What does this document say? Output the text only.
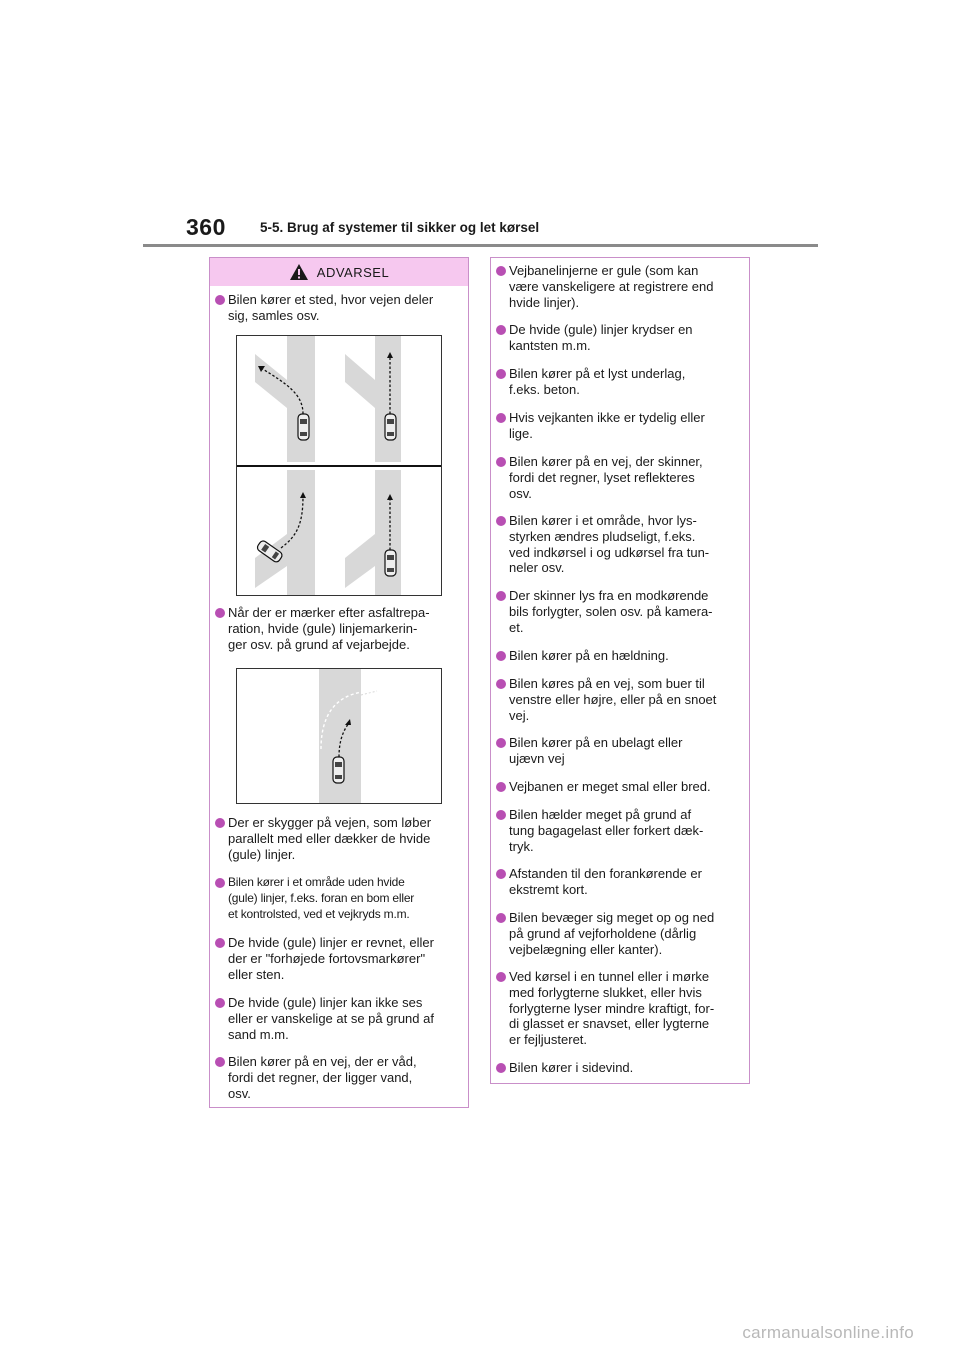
360	5-5. Brug af systemer til sikker og let kørsel
ADVARSEL
Bilen kører et sted, hvor vejen deler
sig, samles osv.
Når der er mærker efter asfaltrepa-
ration, hvide (gule) linjemarkerin-
ger osv. på grund af vejarbejde.
Der er skygger på vejen, som løber
parallelt med eller dækker de hvide
(gule) linjer.
Bilen kører i et område uden hvide
(gule) linjer, f.eks. foran en bom eller
et kontrolsted, ved et vejkryds m.m.
De hvide (gule) linjer er revnet, eller
der er "forhøjede fortovsmarkører"
eller sten.
De hvide (gule) linjer kan ikke ses
eller er vanskelige at se på grund af
sand m.m.
Bilen kører på en vej, der er våd,
fordi det regner, der ligger vand,
osv.
Vejbanelinjerne er gule (som kan
være vanskeligere at registrere end
hvide linjer).
De hvide (gule) linjer krydser en
kantsten m.m.
Bilen kører på et lyst underlag,
f.eks. beton.
Hvis vejkanten ikke er tydelig eller
lige.
Bilen kører på en vej, der skinner,
fordi det regner, lyset reflekteres
osv.
Bilen kører i et område, hvor lys-
styrken ændres pludseligt, f.eks.
ved indkørsel i og udkørsel fra tun-
neler osv.
Der skinner lys fra en modkørende
bils forlygter, solen osv. på kamera-
et.
Bilen kører på en hældning.
Bilen køres på en vej, som buer til
venstre eller højre, eller på en snoet
vej.
Bilen kører på en ubelagt eller
ujævn vej
Vejbanen er meget smal eller bred.
Bilen hælder meget på grund af
tung bagagelast eller forkert dæk-
tryk.
Afstanden til den forankørende er
ekstremt kort.
Bilen bevæger sig meget op og ned
på grund af vejforholdene (dårlig
vejbelægning eller kanter).
Ved kørsel i en tunnel eller i mørke
med forlygterne slukket, eller hvis
forlygterne lyser mindre kraftigt, for-
di glasset er snavset, eller lygterne
er fejljusteret.
Bilen kører i sidevind.
carmanualsonline.info
